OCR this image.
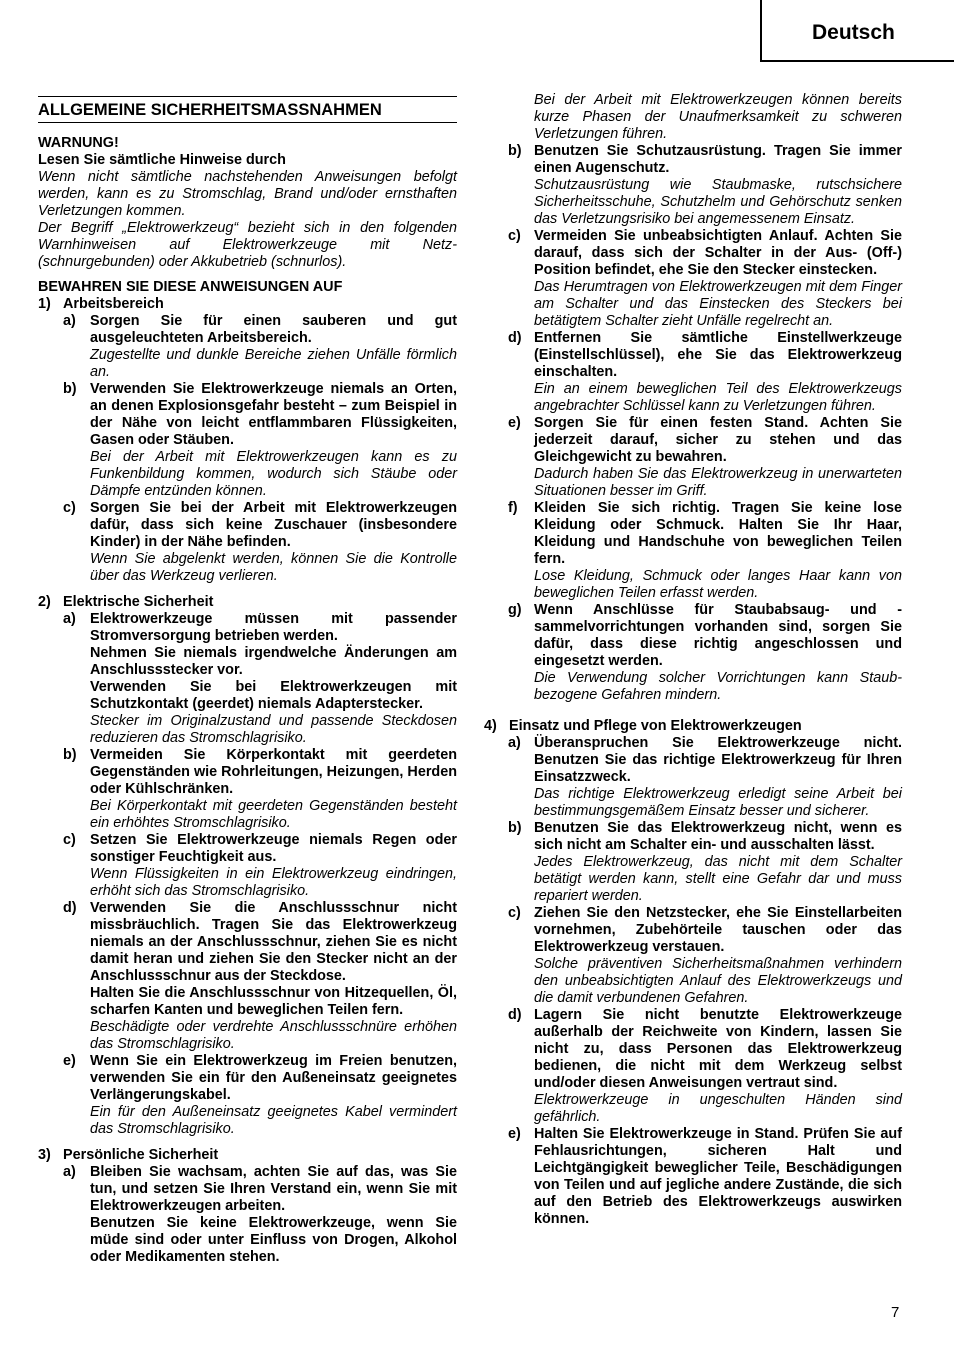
Deutsch
ALLGEMEINE SICHERHEITSMASSNAHMEN
WARNUNG!
Lesen Sie sämtliche Hinweise durch
Wenn nicht sämtliche nachstehenden Anweisungen befolgt werden, kann es zu Stromschlag, Brand und/oder ernsthaften Verletzungen kommen.
Der Begriff „Elektrowerkzeug“ bezieht sich in den folgenden Warnhinweisen auf Elektrowerkzeuge mit Netz- (schnurgebunden) oder Akkubetrieb (schnurlos).
BEWAHREN SIE DIESE ANWEISUNGEN AUF
1) Arbeitsbereich
a) Sorgen Sie für einen sauberen und gut ausgeleuchteten Arbeitsbereich.
Zugestellte und dunkle Bereiche ziehen Unfälle förmlich an.
b) Verwenden Sie Elektrowerkzeuge niemals an Orten, an denen Explosionsgefahr besteht – zum Beispiel in der Nähe von leicht entflammbaren Flüssigkeiten, Gasen oder Stäuben.
Bei der Arbeit mit Elektrowerkzeugen kann es zu Funkenbildung kommen, wodurch sich Stäube oder Dämpfe entzünden können.
c) Sorgen Sie bei der Arbeit mit Elektrowerkzeugen dafür, dass sich keine Zuschauer (insbesondere Kinder) in der Nähe befinden.
Wenn Sie abgelenkt werden, können Sie die Kontrolle über das Werkzeug verlieren.
2) Elektrische Sicherheit
a) Elektrowerkzeuge müssen mit passender Stromversorgung betrieben werden.
Nehmen Sie niemals irgendwelche Änderungen am Anschlussstecker vor.
Verwenden Sie bei Elektrowerkzeugen mit Schutzkontakt (geerdet) niemals Adapterstecker.
Stecker im Originalzustand und passende Steckdosen reduzieren das Stromschlagrisiko.
b) Vermeiden Sie Körperkontakt mit geerdeten Gegenständen wie Rohrleitungen, Heizungen, Herden oder Kühlschränken.
Bei Körperkontakt mit geerdeten Gegenständen besteht ein erhöhtes Stromschlagrisiko.
c) Setzen Sie Elektrowerkzeuge niemals Regen oder sonstiger Feuchtigkeit aus.
Wenn Flüssigkeiten in ein Elektrowerkzeug eindringen, erhöht sich das Stromschlagrisiko.
d) Verwenden Sie die Anschlussschnur nicht missbräuchlich. Tragen Sie das Elektrowerkzeug niemals an der Anschlussschnur, ziehen Sie es nicht damit heran und ziehen Sie den Stecker nicht an der Anschlussschnur aus der Steckdose.
Halten Sie die Anschlussschnur von Hitzequellen, Öl, scharfen Kanten und beweglichen Teilen fern.
Beschädigte oder verdrehte Anschlussschnüre erhöhen das Stromschlagrisiko.
e) Wenn Sie ein Elektrowerkzeug im Freien benutzen, verwenden Sie ein für den Außeneinsatz geeignetes Verlängerungskabel.
Ein für den Außeneinsatz geeignetes Kabel vermindert das Stromschlagrisiko.
3) Persönliche Sicherheit
a) Bleiben Sie wachsam, achten Sie auf das, was Sie tun, und setzen Sie Ihren Verstand ein, wenn Sie mit Elektrowerkzeugen arbeiten.
Benutzen Sie keine Elektrowerkzeuge, wenn Sie müde sind oder unter Einfluss von Drogen, Alkohol oder Medikamenten stehen.
Bei der Arbeit mit Elektrowerkzeugen können bereits kurze Phasen der Unaufmerksamkeit zu schweren Verletzungen führen.
b) Benutzen Sie Schutzausrüstung. Tragen Sie immer einen Augenschutz.
Schutzausrüstung wie Staubmaske, rutschsichere Sicherheitsschuhe, Schutzhelm und Gehörschutz senken das Verletzungsrisiko bei angemessenem Einsatz.
c) Vermeiden Sie unbeabsichtigten Anlauf. Achten Sie darauf, dass sich der Schalter in der Aus- (Off-) Position befindet, ehe Sie den Stecker einstecken.
Das Herumtragen von Elektrowerkzeugen mit dem Finger am Schalter und das Einstecken des Steckers bei betätigtem Schalter zieht Unfälle regelrecht an.
d) Entfernen Sie sämtliche Einstellwerkzeuge (Einstellschlüssel), ehe Sie das Elektrowerkzeug einschalten.
Ein an einem beweglichen Teil des Elektrowerkzeugs angebrachter Schlüssel kann zu Verletzungen führen.
e) Sorgen Sie für einen festen Stand. Achten Sie jederzeit darauf, sicher zu stehen und das Gleichgewicht zu bewahren.
Dadurch haben Sie das Elektrowerkzeug in unerwarteten Situationen besser im Griff.
f) Kleiden Sie sich richtig. Tragen Sie keine lose Kleidung oder Schmuck. Halten Sie Ihr Haar, Kleidung und Handschuhe von beweglichen Teilen fern.
Lose Kleidung, Schmuck oder langes Haar kann von beweglichen Teilen erfasst werden.
g) Wenn Anschlüsse für Staubabsaug- und -sammelvorrichtungen vorhanden sind, sorgen Sie dafür, dass diese richtig angeschlossen und eingesetzt werden.
Die Verwendung solcher Vorrichtungen kann Staub-bezogene Gefahren mindern.
4) Einsatz und Pflege von Elektrowerkzeugen
a) Überanspruchen Sie Elektrowerkzeuge nicht. Benutzen Sie das richtige Elektrowerkzeug für Ihren Einsatzzweck.
Das richtige Elektrowerkzeug erledigt seine Arbeit bei bestimmungsgemäßem Einsatz besser und sicherer.
b) Benutzen Sie das Elektrowerkzeug nicht, wenn es sich nicht am Schalter ein- und ausschalten lässt.
Jedes Elektrowerkzeug, das nicht mit dem Schalter betätigt werden kann, stellt eine Gefahr dar und muss repariert werden.
c) Ziehen Sie den Netzstecker, ehe Sie Einstellarbeiten vornehmen, Zubehörteile tauschen oder das Elektrowerkzeug verstauen.
Solche präventiven Sicherheitsmaßnahmen verhindern den unbeabsichtigten Anlauf des Elektrowerkzeugs und die damit verbundenen Gefahren.
d) Lagern Sie nicht benutzte Elektrowerkzeuge außerhalb der Reichweite von Kindern, lassen Sie nicht zu, dass Personen das Elektrowerkzeug bedienen, die nicht mit dem Werkzeug selbst und/oder diesen Anweisungen vertraut sind.
Elektrowerkzeuge in ungeschulten Händen sind gefährlich.
e) Halten Sie Elektrowerkzeuge in Stand. Prüfen Sie auf Fehlausrichtungen, sicheren Halt und Leichtgängigkeit beweglicher Teile, Beschädigungen von Teilen und auf jegliche andere Zustände, die sich auf den Betrieb des Elektrowerkzeugs auswirken können.
7
